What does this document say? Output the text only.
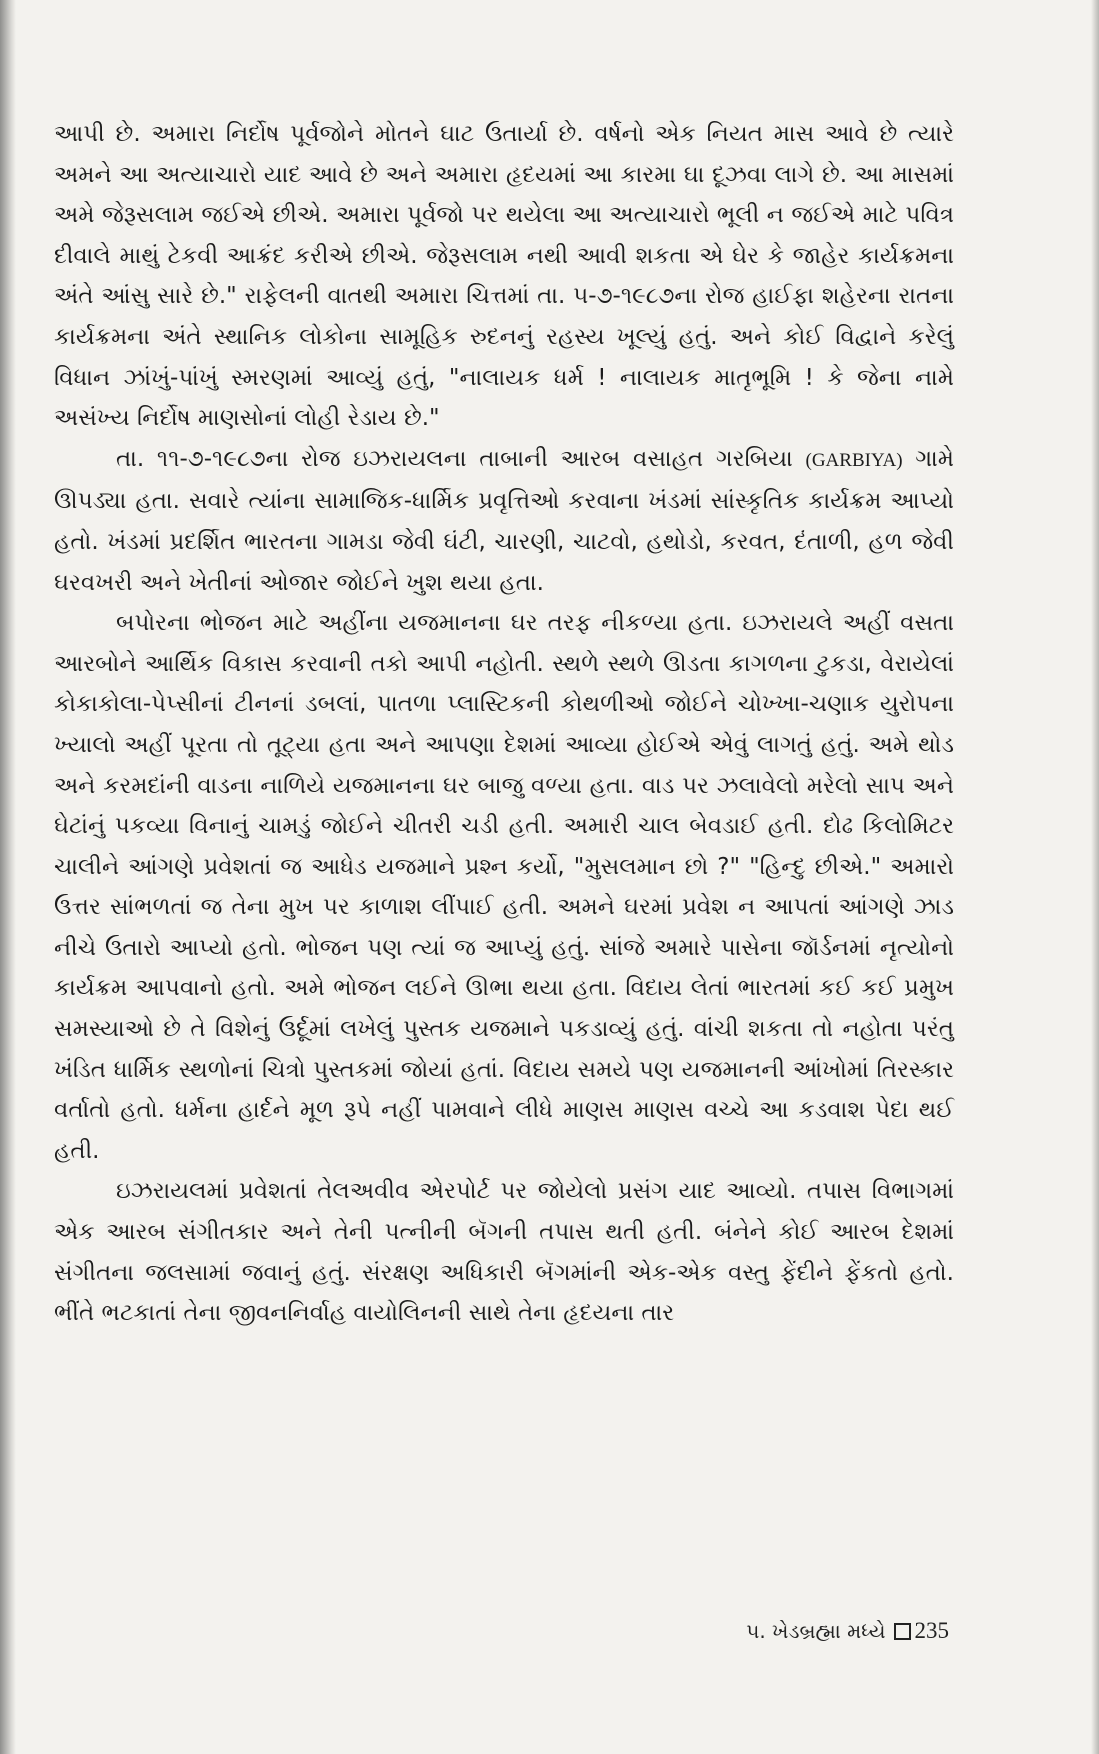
આપી છે. અમારા નિર્દોષ પૂર્વજોને મોતને ઘાટ ઉતાર્યા છે. વર્ષનો એક નિયત માસ આવે છે ત્યારે અમને આ અત્યાચારો યાદ આવે છે અને અમારા હૃદયમાં આ કારમા ઘા દૂઝવા લાગે છે. આ માસમાં અમે જેરૂસલામ જઈએ છીએ. અમારા પૂર્વજો પર થયેલા આ અત્યાચારો ભૂલી ન જઈએ માટે પવિત્ર દીવાલે માથું ટેકવી આક્રંદ કરીએ છીએ. જેરૂસલામ નથી આવી શકતા એ ઘેર કે જાહેર કાર્યક્રમના અંતે આંસુ સારે છે." રાફેલની વાતથી અમારા ચિત્તમાં તા. ૫-૭-૧૯૮૭ના રોજ હાઈફા શહેરના રાતના કાર્યક્રમના અંતે સ્થાનિક લોકોના સામૂહિક રુદનનું રહસ્ય ખૂલ્યું હતું. અને કોઈ વિદ્વાને કરેલું વિધાન ઝાંખું-પાંખું સ્મરણમાં આવ્યું હતું, "નાલાયક ધર્મ ! નાલાયક માતૃભૂમિ ! કે જેના નામે અસંખ્ય નિર્દોષ માણસોનાં લોહી રેડાય છે."

તા. ૧૧-૭-૧૯૮૭ના રોજ ઇઝરાયલના તાબાની આરબ વસાહત ગરબિયા (GARBIYA) ગામે ઊપડ્યા હતા. સવારે ત્યાંના સામાજિક-ધાર્મિક પ્રવૃત્તિઓ કરવાના ખંડમાં સાંસ્કૃતિક કાર્યક્રમ આપ્યો હતો. ખંડમાં પ્રદર્શિત ભારતના ગામડા જેવી ઘંટી, ચારણી, ચાટવો, હથોડો, કરવત, દંતાળી, હળ જેવી ઘરવખરી અને ખેતીનાં ઓજાર જોઈને ખુશ થયા હતા.

બપોરના ભોજન માટે અહીંના યજમાનના ઘર તરફ નીકળ્યા હતા. ઇઝરાયલે અહીં વસતા આરબોને આર્થિક વિકાસ કરવાની તકો આપી નહોતી. સ્થળે સ્થળે ઊડતા કાગળના ટુકડા, વેરાયેલાં કોકાકોલા-પેપ્સીનાં ટીનનાં ડબલાં, પાતળા પ્લાસ્ટિકની કોથળીઓ જોઈને ચોખ્ખા-ચણાક યુરોપના ખ્યાલો અહીં પૂરતા તો તૂટ્યા હતા અને આપણા દેશમાં આવ્યા હોઈએ એવું લાગતું હતું. અમે થોડ અને કરમદાંની વાડના નાળિયે યજમાનના ઘર બાજુ વળ્યા હતા. વાડ પર ઝલાવેલો મરેલો સાપ અને ઘેટાંનું પકવ્યા વિનાનું ચામડું જોઈને ચીતરી ચડી હતી. અમારી ચાલ બેવડાઈ હતી. દોઢ કિલોમિટર ચાલીને આંગણે પ્રવેશતાં જ આધેડ યજમાને પ્રશ્ન કર્યો, "મુસલમાન છો ?" "હિન્દુ છીએ." અમારો ઉત્તર સાંભળતાં જ તેના મુખ પર કાળાશ લીંપાઈ હતી. અમને ઘરમાં પ્રવેશ ન આપતાં આંગણે ઝાડ નીચે ઉતારો આપ્યો હતો. ભોજન પણ ત્યાં જ આપ્યું હતું. સાંજે અમારે પાસેના જૉર્ડનમાં નૃત્યોનો કાર્યક્રમ આપવાનો હતો. અમે ભોજન લઈને ઊભા થયા હતા. વિદાય લેતાં ભારતમાં કઈ કઈ પ્રમુખ સમસ્યાઓ છે તે વિશેનું ઉર્દૂમાં લખેલું પુસ્તક યજમાને પકડાવ્યું હતું. વાંચી શકતા તો નહોતા પરંતુ ખંડિત ધાર્મિક સ્થળોનાં ચિત્રો પુસ્તકમાં જોયાં હતાં. વિદાય સમયે પણ યજમાનની આંખોમાં તિરસ્કાર વર્તાતો હતો. ધર્મના હાર્દને મૂળ રૂપે નહીં પામવાને લીધે માણસ માણસ વચ્ચે આ કડવાશ પેદા થઈ હતી.

ઇઝરાયલમાં પ્રવેશતાં તેલઅવીવ એરપોર્ટ પર જોયેલો પ્રસંગ યાદ આવ્યો. તપાસ વિભાગમાં એક આરબ સંગીતકાર અને તેની પત્નીની બૅગની તપાસ થતી હતી. બંનેને કોઈ આરબ દેશમાં સંગીતના જલસામાં જવાનું હતું. સંરક્ષણ અધિકારી બૅગમાંની એક-એક વસ્તુ ફેંદીને ફેંકતો હતો. ભીંતે ભટકાતાં તેના જીવનનિર્વાહ વાયોલિનની સાથે તેના હૃદયના તાર

૫. ખેડબ્રહ્મા મધ્યે 235
